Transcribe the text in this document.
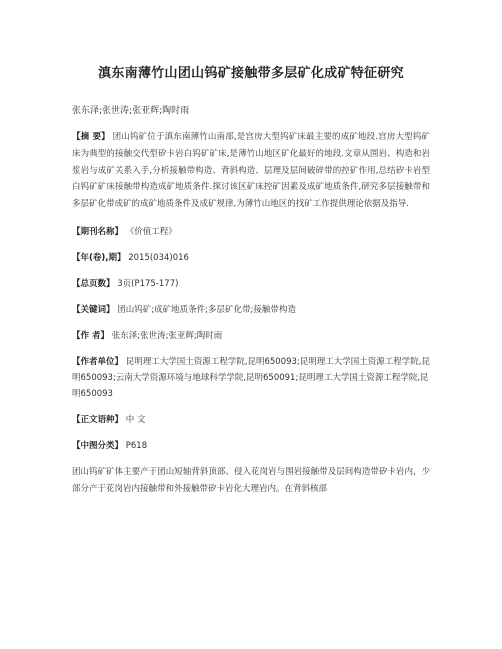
滇东南薄竹山团山钨矿接触带多层矿化成矿特征研究
张东泽;张世涛;张亚辉;陶时雨
【 摘 要 】 团山钨矿位于滇东南薄竹山南部,是宫房大型钨矿床最主要的成矿地段.宫房大型钨矿床为典型的接触交代型矽卡岩白钨矿矿床,是薄竹山地区矿化最好的地段.文章从围岩、构造和岩浆岩与成矿关系入手,分析接触带构造、背斜构造、层理及层间破碎带的控矿作用,总结矽卡岩型白钨矿矿床接触带构造成矿地质条件.探讨该区矿床控矿因素及成矿地质条件,研究多层接触带和多层矿化带成矿的成矿地质条件及成矿规律,为薄竹山地区的找矿工作提供理论依据及指导.
【 期刊名称 】 《价值工程》
【 年(卷),期 】 2015(034)016
【 总页数 】 3页(P175-177)
【 关键词 】 团山钨矿;成矿地质条件;多层矿化带;接触带构造
【 作 者 】 张东泽;张世涛;张亚辉;陶时雨
【 作者单位 】 昆明理工大学国土资源工程学院,昆明650093;昆明理工大学国土资源工程学院,昆明650093;云南大学资源环境与地球科学学院,昆明650091;昆明理工大学国土资源工程学院,昆明650093
【 正文语种 】 中 文
【 中图分类 】 P618

团山钨矿矿体主要产于团山短轴背斜顶部、侵入花岗岩与围岩接触带及层间构造带矽卡岩内，少部分产于花岗岩内接触带和外接触带矽卡岩化大理岩内。在背斜核部
